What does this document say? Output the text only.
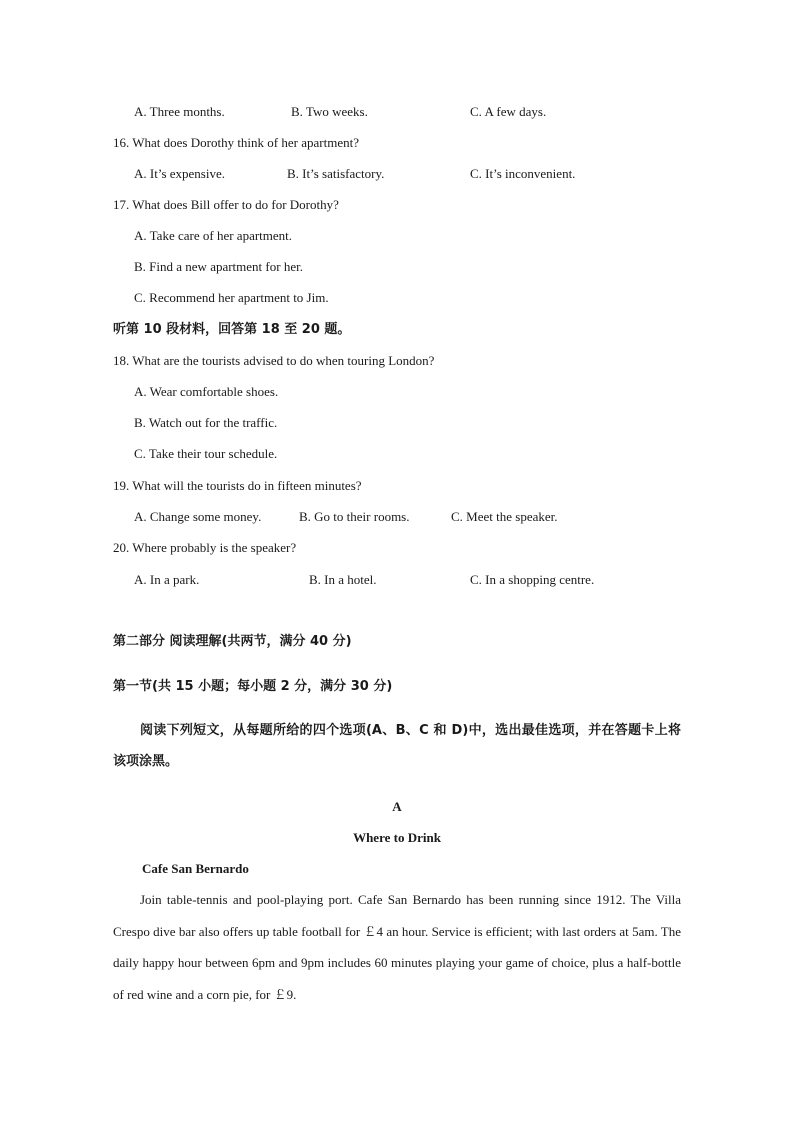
A. Three months.	B. Two weeks.	C. A few days.
16. What does Dorothy think of her apartment?
A. It’s expensive.	B. It’s satisfactory.	C. It’s inconvenient.
17. What does Bill offer to do for Dorothy?
A. Take care of her apartment.
B. Find a new apartment for her.
C. Recommend her apartment to Jim.
听第 10 段材料，回答第 18 至 20 题。
18. What are the tourists advised to do when touring London?
A. Wear comfortable shoes.
B. Watch out for the traffic.
C. Take their tour schedule.
19. What will the tourists do in fifteen minutes?
A. Change some money.	B. Go to their rooms.	C. Meet the speaker.
20. Where probably is the speaker?
A. In a park.	B. In a hotel.	C. In a shopping centre.
第二部分 阅读理解(共两节，满分 40 分)
第一节(共 15 小题；每小题 2 分，满分 30 分)
阅读下列短文，从每题所给的四个选项(A、B、C 和 D)中，选出最佳选项，并在答题卡上将该项涂黑。
A
Where to Drink
Cafe San Bernardo
Join table-tennis and pool-playing port. Cafe San Bernardo has been running since 1912. The Villa Crespo dive bar also offers up table football for ￡4 an hour. Service is efficient; with last orders at 5am. The daily happy hour between 6pm and 9pm includes 60 minutes playing your game of choice, plus a half-bottle of red wine and a corn pie, for ￡9.
